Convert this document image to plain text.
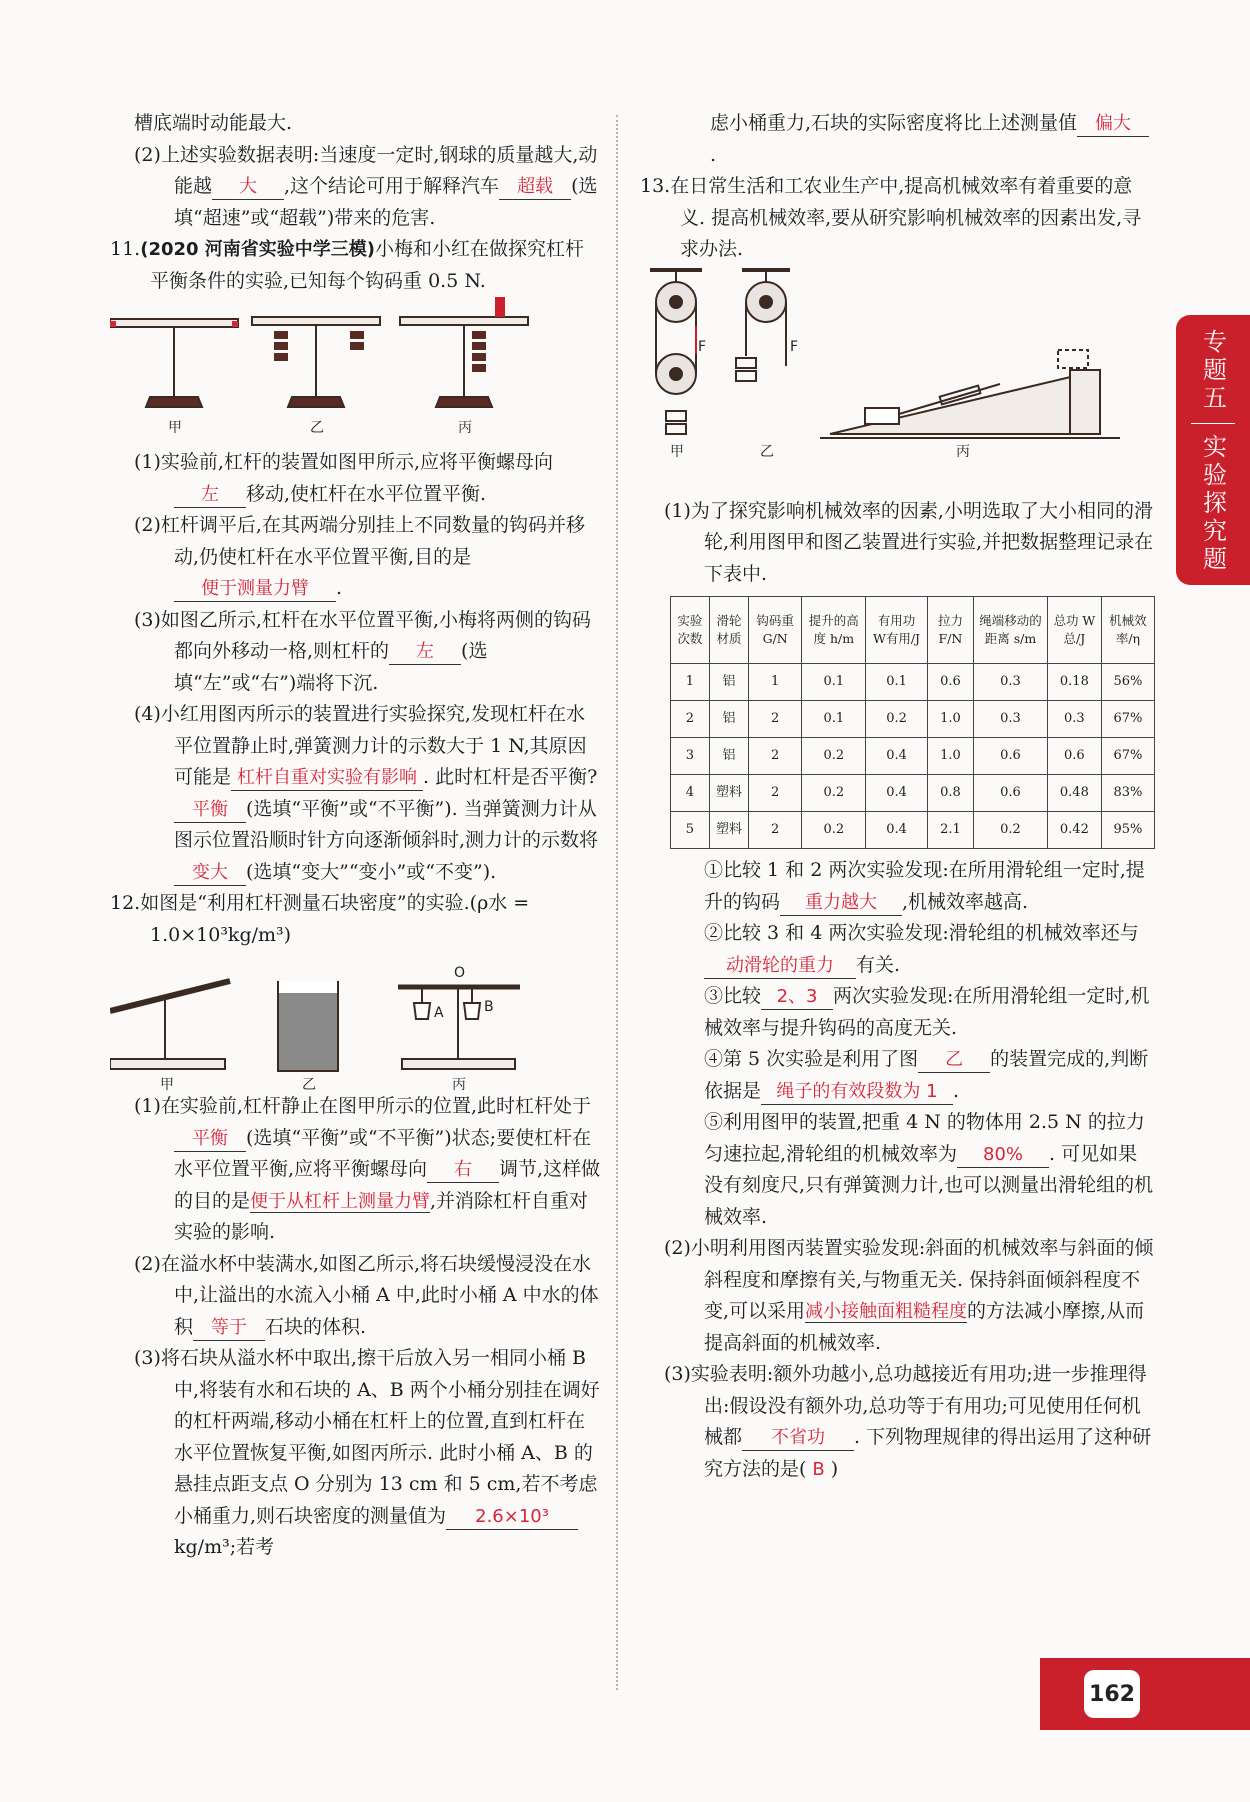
槽底端时动能最大.

(2)上述实验数据表明:当速度一定时,钢球的质量越大,动能越 大 ,这个结论可用于解释汽车 超载 (选填“超速”或“超载”)带来的危害.

11.(2020 河南省实验中学三模)小梅和小红在做探究杠杆平衡条件的实验,已知每个钩码重 0.5 N.

甲	乙	丙

(1)实验前,杠杆的装置如图甲所示,应将平衡螺母向左 移动,使杠杆在水平位置平衡.

(2)杠杆调平后,在其两端分别挂上不同数量的钩码并移动,仍使杠杆在水平位置平衡,目的是便于测量力臂 .

(3)如图乙所示,杠杆在水平位置平衡,小梅将两侧的钩码都向外移动一格,则杠杆的 左 (选填“左”或“右”)端将下沉.

(4)小红用图丙所示的装置进行实验探究,发现杠杆在水平位置静止时,弹簧测力计的示数大于 1 N,其原因可能是 杠杆自重对实验有影响 . 此时杠杆是否平衡?平衡 (选填“平衡”或“不平衡”). 当弹簧测力计从图示位置沿顺时针方向逐渐倾斜时,测力计的示数将变大 (选填“变大”“变小”或“不变”).

12.如图是“利用杠杆测量石块密度”的实验.(ρ水 = 1.0×10³kg/m³)

O
A	B
甲	乙	丙

(1)在实验前,杠杆静止在图甲所示的位置,此时杠杆处于平衡 (选填“平衡”或“不平衡”)状态;要使杠杆在水平位置平衡,应将平衡螺母向 右 调节,这样做的目的是便于从杠杆上测量力臂,并消除杠杆自重对实验的影响.

(2)在溢水杯中装满水,如图乙所示,将石块缓慢浸没在水中,让溢出的水流入小桶 A 中,此时小桶 A 中水的体积 等于 石块的体积.

(3)将石块从溢水杯中取出,擦干后放入另一相同小桶 B 中,将装有水和石块的 A、B 两个小桶分别挂在调好的杠杆两端,移动小桶在杠杆上的位置,直到杠杆在水平位置恢复平衡,如图丙所示. 此时小桶 A、B 的悬挂点距支点 O 分别为 13 cm 和 5 cm,若不考虑小桶重力,则石块密度的测量值为 2.6×10³kg/m³;若考

虑小桶重力,石块的实际密度将比上述测量值 偏大.

13.在日常生活和工农业生产中,提高机械效率有着重要的意义. 提高机械效率,要从研究影响机械效率的因素出发,寻求办法.

F	F
甲	乙	丙

(1)为了探究影响机械效率的因素,小明选取了大小相同的滑轮,利用图甲和图乙装置进行实验,并把数据整理记录在下表中.

实验次数	滑轮材质	钩码重 G/N	提升的高度 h/m	有用功 W有用/J	拉力 F/N	绳端移动的距离 s/m	总功 W总/J	机械效率/η
1	铝	1	0.1	0.1	0.6	0.3	0.18	56%
2	铝	2	0.1	0.2	1.0	0.3	0.3	67%
3	铝	2	0.2	0.4	1.0	0.6	0.6	67%
4	塑料	2	0.2	0.4	0.8	0.6	0.48	83%
5	塑料	2	0.2	0.4	2.1	0.2	0.42	95%

①比较 1 和 2 两次实验发现:在所用滑轮组一定时,提升的钩码 重力越大 ,机械效率越高.

②比较 3 和 4 两次实验发现:滑轮组的机械效率还与动滑轮的重力 有关.

③比较 2、3 两次实验发现:在所用滑轮组一定时,机械效率与提升钩码的高度无关.

④第 5 次实验是利用了图 乙 的装置完成的,判断依据是 绳子的有效段数为 1 .

⑤利用图甲的装置,把重 4 N 的物体用 2.5 N 的拉力匀速拉起,滑轮组的机械效率为 80% . 可见如果没有刻度尺,只有弹簧测力计,也可以测量出滑轮组的机械效率.

(2)小明利用图丙装置实验发现:斜面的机械效率与斜面的倾斜程度和摩擦有关,与物重无关. 保持斜面倾斜程度不变,可以采用减小接触面粗糙程度的方法减小摩擦,从而提高斜面的机械效率.

(3)实验表明:额外功越小,总功越接近有用功;进一步推理得出:假设没有额外功,总功等于有用功;可见使用任何机械都 不省功 . 下列物理规律的得出运用了这种研究方法的是( B )

专题五
实验探究题
162
